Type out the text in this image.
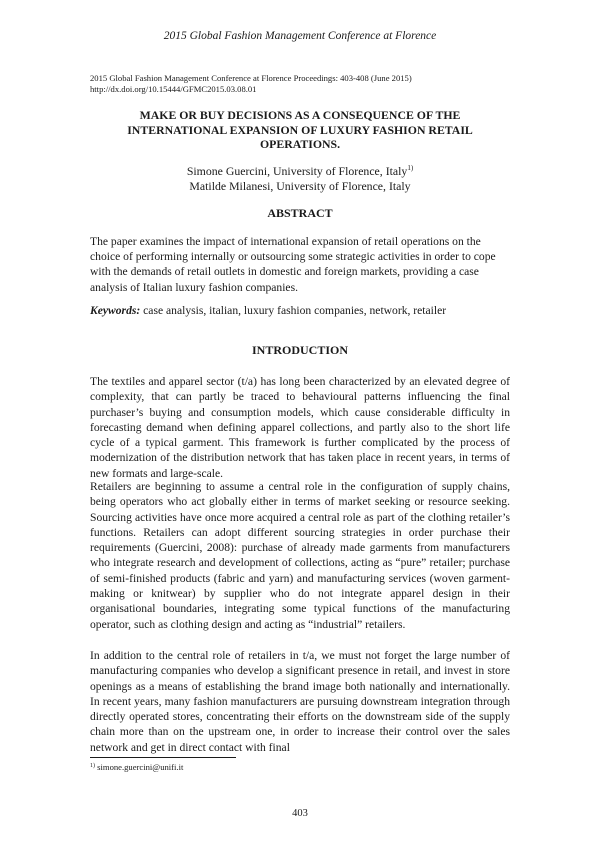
2015 Global Fashion Management Conference at Florence
2015 Global Fashion Management Conference at Florence Proceedings: 403-408 (June 2015)
http://dx.doi.org/10.15444/GFMC2015.03.08.01
MAKE OR BUY DECISIONS AS A CONSEQUENCE OF THE
INTERNATIONAL EXPANSION OF LUXURY FASHION RETAIL
OPERATIONS.
Simone Guercini, University of Florence, Italy$^{1)}$
Matilde Milanesi, University of Florence, Italy
ABSTRACT
The paper examines the impact of international expansion of retail operations on the choice of performing internally or outsourcing some strategic activities in order to cope with the demands of retail outlets in domestic and foreign markets, providing a case analysis of Italian luxury fashion companies.
Keywords: case analysis, italian, luxury fashion companies, network, retailer
INTRODUCTION
The textiles and apparel sector (t/a) has long been characterized by an elevated degree of complexity, that can partly be traced to behavioural patterns influencing the final purchaser’s buying and consumption models, which cause considerable difficulty in forecasting demand when defining apparel collections, and partly also to the short life cycle of a typical garment. This framework is further complicated by the process of modernization of the distribution network that has taken place in recent years, in terms of new formats and large-scale.
Retailers are beginning to assume a central role in the configuration of supply chains, being operators who act globally either in terms of market seeking or resource seeking. Sourcing activities have once more acquired a central role as part of the clothing retailer’s functions. Retailers can adopt different sourcing strategies in order purchase their requirements (Guercini, 2008): purchase of already made garments from manufacturers who integrate research and development of collections, acting as “pure” retailer; purchase of semi-finished products (fabric and yarn) and manufacturing services (woven garment-making or knitwear) by supplier who do not integrate apparel design in their organisational boundaries, integrating some typical functions of the manufacturing operator, such as clothing design and acting as “industrial” retailers.
In addition to the central role of retailers in t/a, we must not forget the large number of manufacturing companies who develop a significant presence in retail, and invest in store openings as a means of establishing the brand image both nationally and internationally. In recent years, many fashion manufacturers are pursuing downstream integration through directly operated stores, concentrating their efforts on the downstream side of the supply chain more than on the upstream one, in order to increase their control over the sales network and get in direct contact with final
$^{1)}$ simone.guercini@unifi.it
403
